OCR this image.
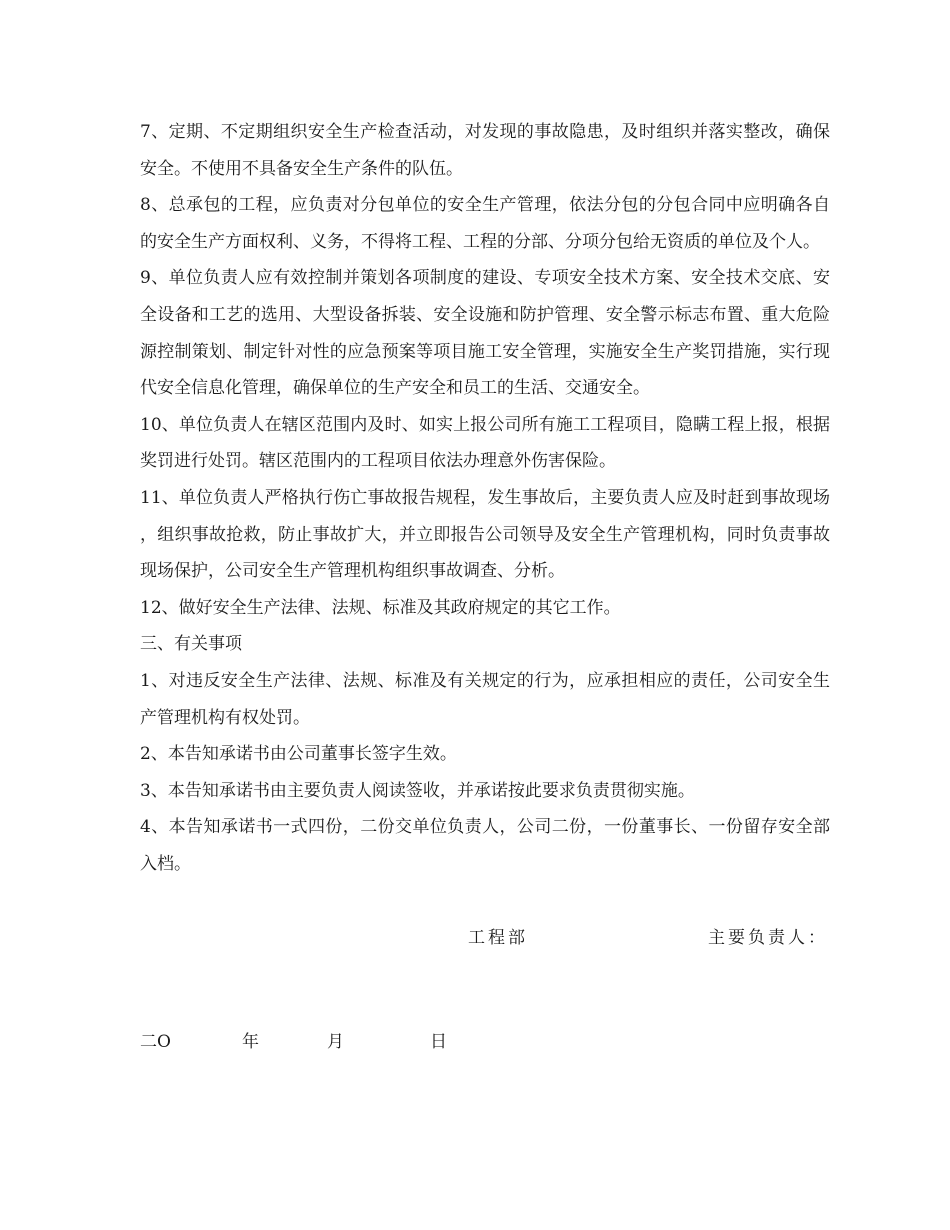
7、定期、不定期组织安全生产检查活动，对发现的事故隐患，及时组织并落实整改，确保安全。不使用不具备安全生产条件的队伍。

8、总承包的工程，应负责对分包单位的安全生产管理，依法分包的分包合同中应明确各自的安全生产方面权利、义务，不得将工程、工程的分部、分项分包给无资质的单位及个人。

9、单位负责人应有效控制并策划各项制度的建设、专项安全技术方案、安全技术交底、安全设备和工艺的选用、大型设备拆装、安全设施和防护管理、安全警示标志布置、重大危险源控制策划、制定针对性的应急预案等项目施工安全管理，实施安全生产奖罚措施，实行现代安全信息化管理，确保单位的生产安全和员工的生活、交通安全。

10、单位负责人在辖区范围内及时、如实上报公司所有施工工程项目，隐瞒工程上报，根据奖罚进行处罚。辖区范围内的工程项目依法办理意外伤害保险。

11、单位负责人严格执行伤亡事故报告规程，发生事故后，主要负责人应及时赶到事故现场，组织事故抢救，防止事故扩大，并立即报告公司领导及安全生产管理机构，同时负责事故现场保护，公司安全生产管理机构组织事故调查、分析。

12、做好安全生产法律、法规、标准及其政府规定的其它工作。

三、有关事项

1、对违反安全生产法律、法规、标准及有关规定的行为，应承担相应的责任，公司安全生产管理机构有权处罚。

2、本告知承诺书由公司董事长签字生效。

3、本告知承诺书由主要负责人阅读签收，并承诺按此要求负责贯彻实施。

4、本告知承诺书一式四份，二份交单位负责人，公司二份，一份董事长、一份留存安全部入档。

工程部	主要负责人：
二O	年	月	日
